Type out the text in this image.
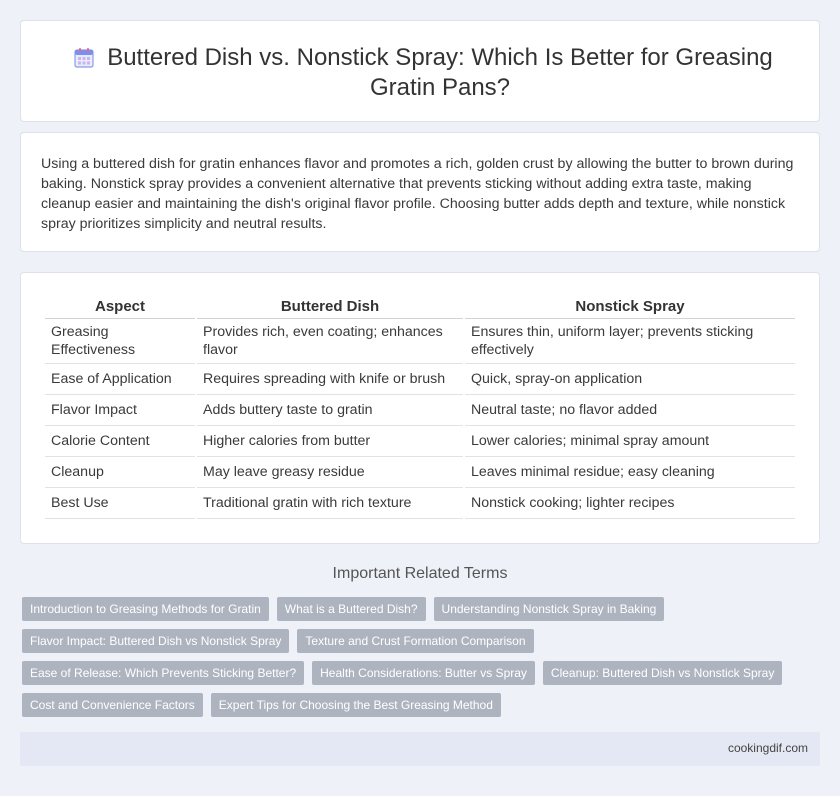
Buttered Dish vs. Nonstick Spray: Which Is Better for Greasing Gratin Pans?

Using a buttered dish for gratin enhances flavor and promotes a rich, golden crust by allowing the butter to brown during baking. Nonstick spray provides a convenient alternative that prevents sticking without adding extra taste, making cleanup easier and maintaining the dish's original flavor profile. Choosing butter adds depth and texture, while nonstick spray prioritizes simplicity and neutral results.

Aspect	Buttered Dish	Nonstick Spray
Greasing Effectiveness	Provides rich, even coating; enhances flavor	Ensures thin, uniform layer; prevents sticking effectively
Ease of Application	Requires spreading with knife or brush	Quick, spray-on application
Flavor Impact	Adds buttery taste to gratin	Neutral taste; no flavor added
Calorie Content	Higher calories from butter	Lower calories; minimal spray amount
Cleanup	May leave greasy residue	Leaves minimal residue; easy cleaning
Best Use	Traditional gratin with rich texture	Nonstick cooking; lighter recipes
Important Related Terms
Introduction to Greasing Methods for Gratin	What is a Buttered Dish?	Understanding Nonstick Spray in Baking
Flavor Impact: Buttered Dish vs Nonstick Spray	Texture and Crust Formation Comparison
Ease of Release: Which Prevents Sticking Better?	Health Considerations: Butter vs Spray	Cleanup: Buttered Dish vs Nonstick Spray
Cost and Convenience Factors	Expert Tips for Choosing the Best Greasing Method
cookingdif.com
